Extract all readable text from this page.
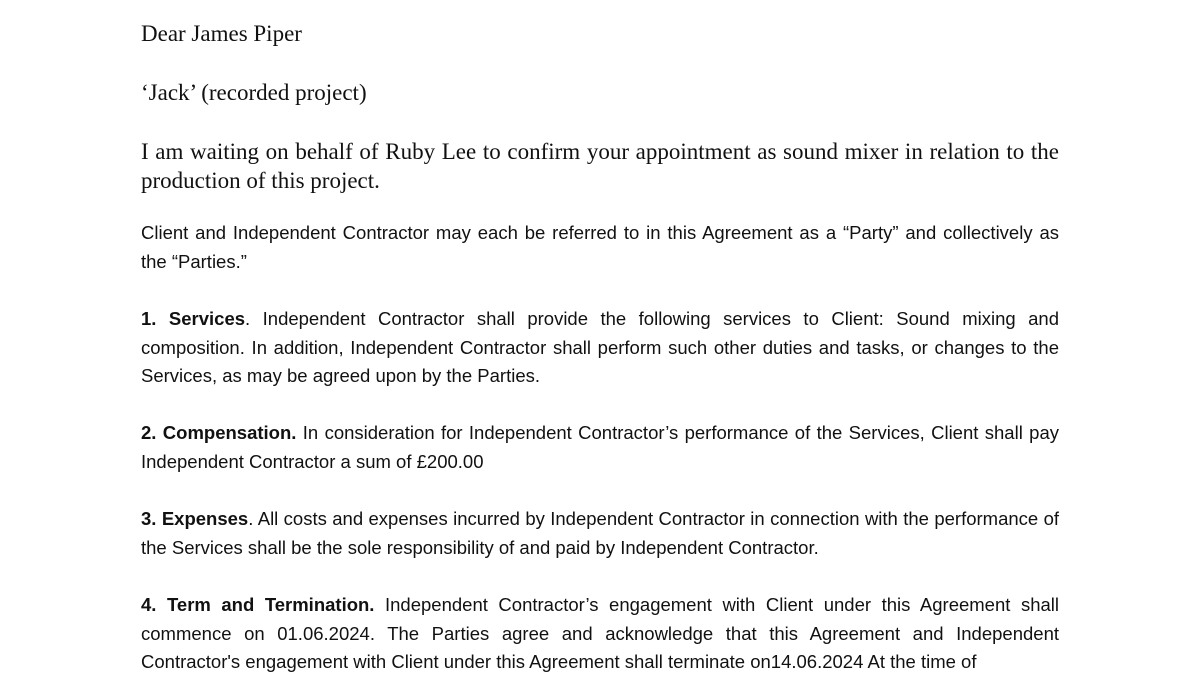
Dear James Piper

‘Jack’ (recorded project)

I am waiting on behalf of Ruby Lee to confirm your appointment as sound mixer in relation to the production of this project.

Client and Independent Contractor may each be referred to in this Agreement as a “Party” and collectively as the “Parties.”

1. Services. Independent Contractor shall provide the following services to Client: Sound mixing and composition. In addition, Independent Contractor shall perform such other duties and tasks, or changes to the Services, as may be agreed upon by the Parties.

2. Compensation. In consideration for Independent Contractor’s performance of the Services, Client shall pay Independent Contractor a sum of £200.00

3. Expenses. All costs and expenses incurred by Independent Contractor in connection with the performance of the Services shall be the sole responsibility of and paid by Independent Contractor.

4. Term and Termination. Independent Contractor’s engagement with Client under this Agreement shall commence on 01.06.2024. The Parties agree and acknowledge that this Agreement and Independent Contractor's engagement with Client under this Agreement shall terminate on14.06.2024 At the time of
